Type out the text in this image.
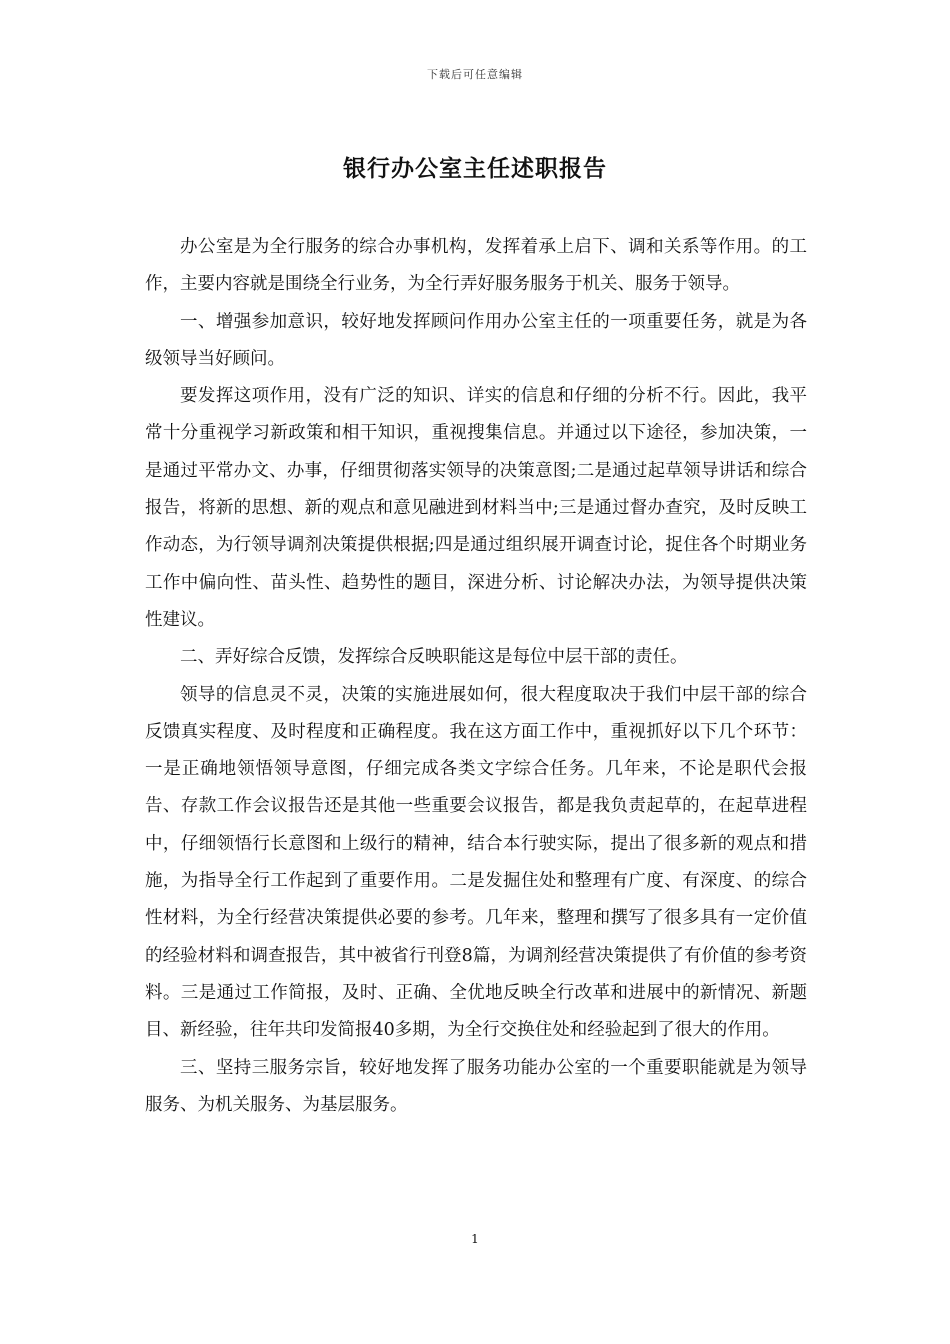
下载后可任意编辑
银行办公室主任述职报告

办公室是为全行服务的综合办事机构，发挥着承上启下、调和关系等作用。的工作，主要内容就是围绕全行业务，为全行弄好服务服务于机关、服务于领导。

一、增强参加意识，较好地发挥顾问作用办公室主任的一项重要任务，就是为各级领导当好顾问。

要发挥这项作用，没有广泛的知识、详实的信息和仔细的分析不行。因此，我平常十分重视学习新政策和相干知识，重视搜集信息。并通过以下途径，参加决策，一是通过平常办文、办事，仔细贯彻落实领导的决策意图;二是通过起草领导讲话和综合报告，将新的思想、新的观点和意见融进到材料当中;三是通过督办查究，及时反映工作动态，为行领导调剂决策提供根据;四是通过组织展开调查讨论，捉住各个时期业务工作中偏向性、苗头性、趋势性的题目，深进分析、讨论解决办法，为领导提供决策性建议。

二、弄好综合反馈，发挥综合反映职能这是每位中层干部的责任。

领导的信息灵不灵，决策的实施进展如何，很大程度取决于我们中层干部的综合反馈真实程度、及时程度和正确程度。我在这方面工作中，重视抓好以下几个环节：一是正确地领悟领导意图，仔细完成各类文字综合任务。几年来，不论是职代会报告、存款工作会议报告还是其他一些重要会议报告，都是我负责起草的，在起草进程中，仔细领悟行长意图和上级行的精神，结合本行驶实际，提出了很多新的观点和措施，为指导全行工作起到了重要作用。二是发掘住处和整理有广度、有深度、的综合性材料，为全行经营决策提供必要的参考。几年来，整理和撰写了很多具有一定价值的经验材料和调查报告，其中被省行刊登8篇，为调剂经营决策提供了有价值的参考资料。三是通过工作简报，及时、正确、全优地反映全行改革和进展中的新情况、新题目、新经验，往年共印发简报40多期，为全行交换住处和经验起到了很大的作用。

三、坚持三服务宗旨，较好地发挥了服务功能办公室的一个重要职能就是为领导服务、为机关服务、为基层服务。

1
